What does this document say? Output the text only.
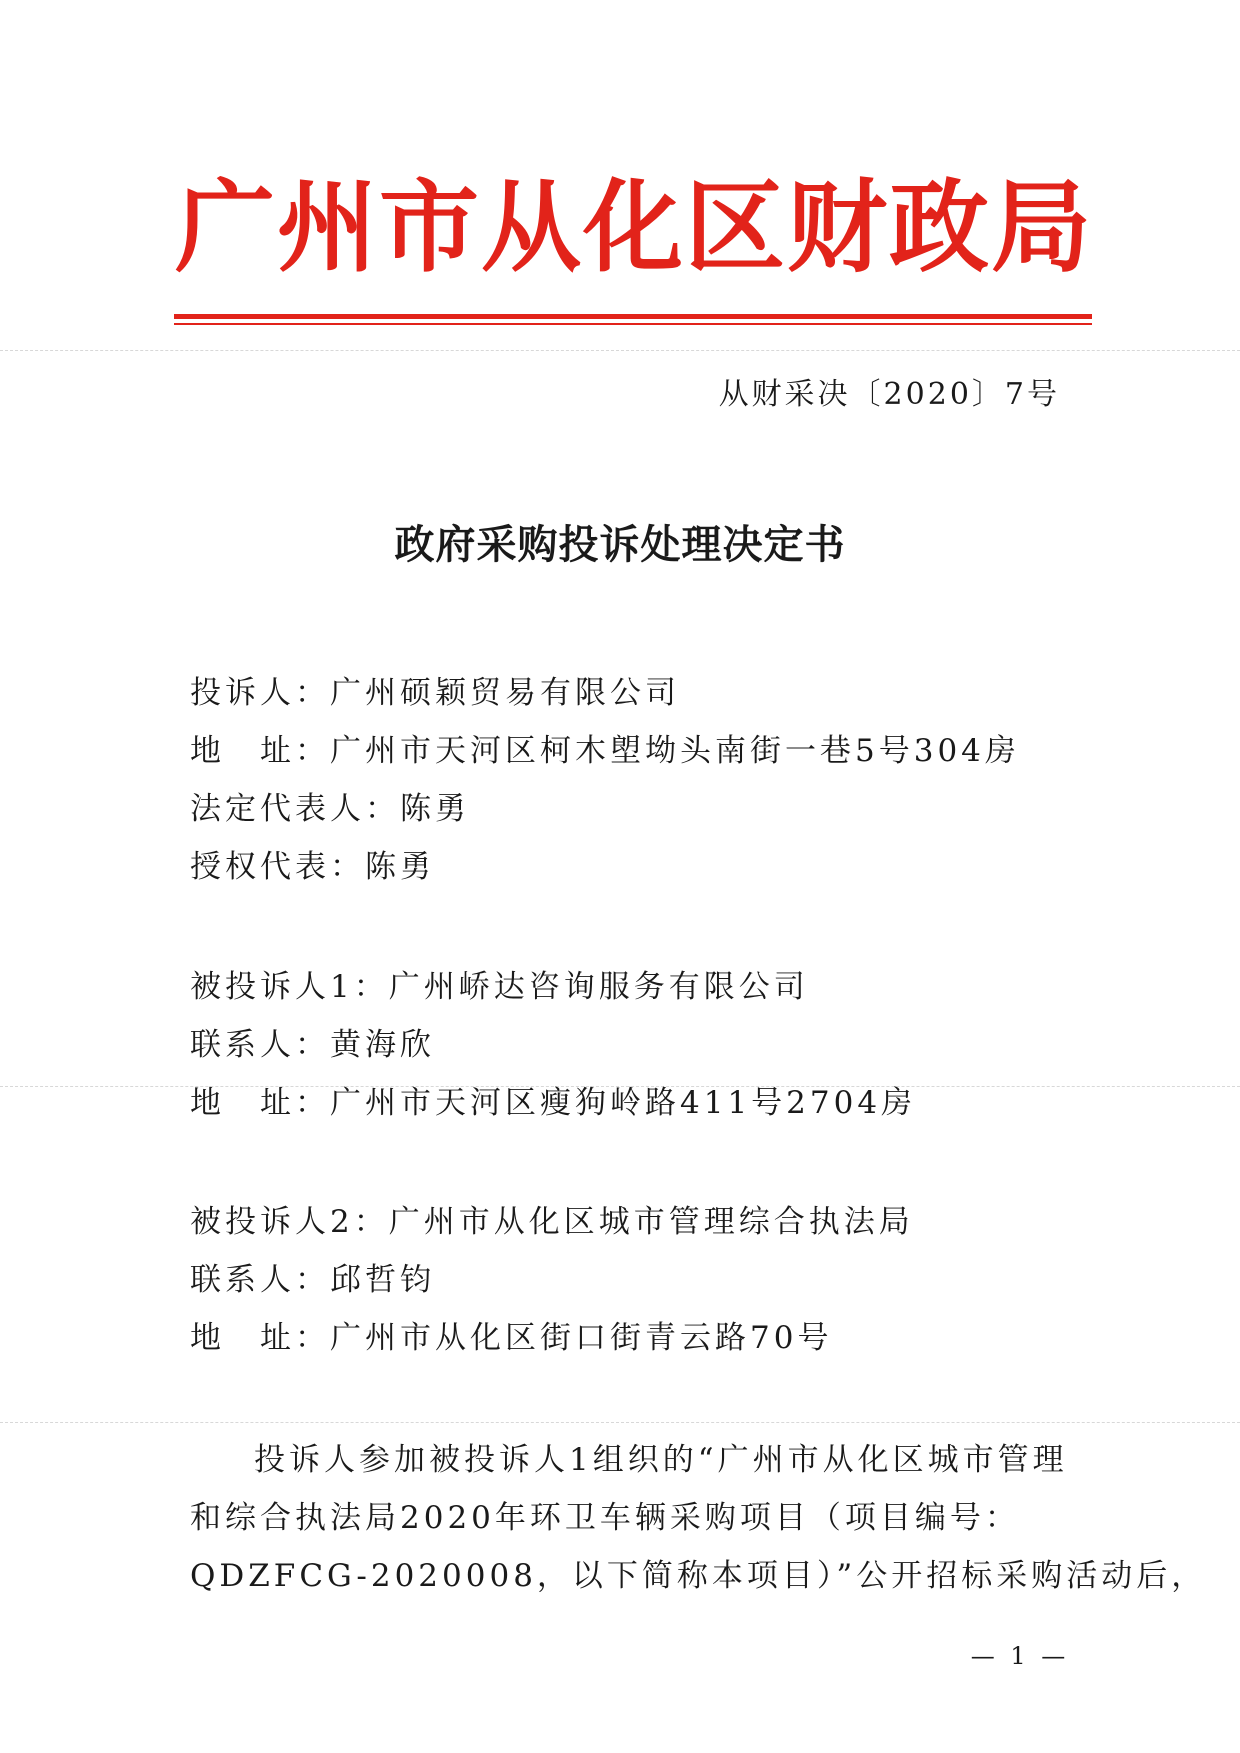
广州市从化区财政局
从财采决〔2020〕7号
政府采购投诉处理决定书
投诉人：广州硕颖贸易有限公司
地　址：广州市天河区柯木塱坳头南街一巷5号304房
法定代表人：陈勇
授权代表：陈勇
被投诉人1：广州峤达咨询服务有限公司
联系人：黄海欣
地　址：广州市天河区瘦狗岭路411号2704房
被投诉人2：广州市从化区城市管理综合执法局
联系人：邱哲钧
地　址：广州市从化区街口街青云路70号
投诉人参加被投诉人1组织的“广州市从化区城市管理
和综合执法局2020年环卫车辆采购项目（项目编号：
QDZFCG-2020008，以下简称本项目）”公开招标采购活动后，
— 1 —
